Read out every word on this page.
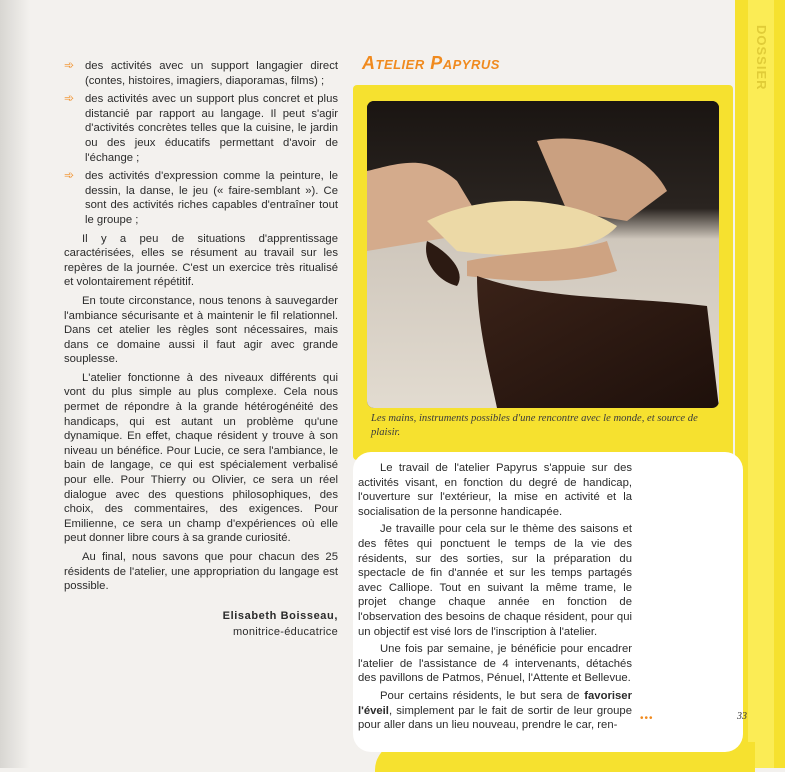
DOSSIER

➾ des activités avec un support langagier direct (contes, histoires, imagiers, diaporamas, films) ;

➾ des activités avec un support plus concret et plus distancié par rapport au langage. Il peut s'agir d'activités concrètes telles que la cuisine, le jardin ou des jeux éducatifs permettant d'avoir de l'échange ;

➾ des activités d'expression comme la peinture, le dessin, la danse, le jeu (« faire-semblant »). Ce sont des activités riches capables d'entraîner tout le groupe ;

Il y a peu de situations d'apprentissage caractérisées, elles se résument au travail sur les repères de la journée. C'est un exercice très ritualisé et volontairement répétitif.

En toute circonstance, nous tenons à sauvegarder l'ambiance sécurisante et à maintenir le fil relationnel. Dans cet atelier les règles sont nécessaires, mais dans ce domaine aussi il faut agir avec grande souplesse.

L'atelier fonctionne à des niveaux différents qui vont du plus simple au plus complexe. Cela nous permet de répondre à la grande hétérogénéité des handicaps, qui est autant un problème qu'une dynamique. En effet, chaque résident y trouve à son niveau un bénéfice. Pour Lucie, ce sera l'ambiance, le bain de langage, ce qui est spécialement verbalisé pour elle. Pour Thierry ou Olivier, ce sera un réel dialogue avec des questions philosophiques, des choix, des commentaires, des exigences. Pour Emilienne, ce sera un champ d'expériences où elle peut donner libre cours à sa grande curiosité.

Au final, nous savons que pour chacun des 25 résidents de l'atelier, une appropriation du langage est possible.

Elisabeth Boisseau,
monitrice-éducatrice
Atelier Papyrus
Les mains, instruments possibles d'une rencontre avec le monde, et source de plaisir.

Le travail de l'atelier Papyrus s'appuie sur des activités visant, en fonction du degré de handicap, l'ouverture sur l'extérieur, la mise en activité et la socialisation de la personne handicapée.

Je travaille pour cela sur le thème des saisons et des fêtes qui ponctuent le temps de la vie des résidents, sur des sorties, sur la préparation du spectacle de fin d'année et sur les temps partagés avec Calliope. Tout en suivant la même trame, le projet change chaque année en fonction de l'observation des besoins de chaque résident, pour qui un objectif est visé lors de l'inscription à l'atelier.

Une fois par semaine, je bénéficie pour encadrer l'atelier de l'assistance de 4 intervenants, détachés des pavillons de Patmos, Pénuel, l'Attente et Bellevue.

Pour certains résidents, le but sera de favoriser l'éveil, simplement par le fait de sortir de leur groupe pour aller dans un lieu nouveau, prendre le car, ren-

•••	33
